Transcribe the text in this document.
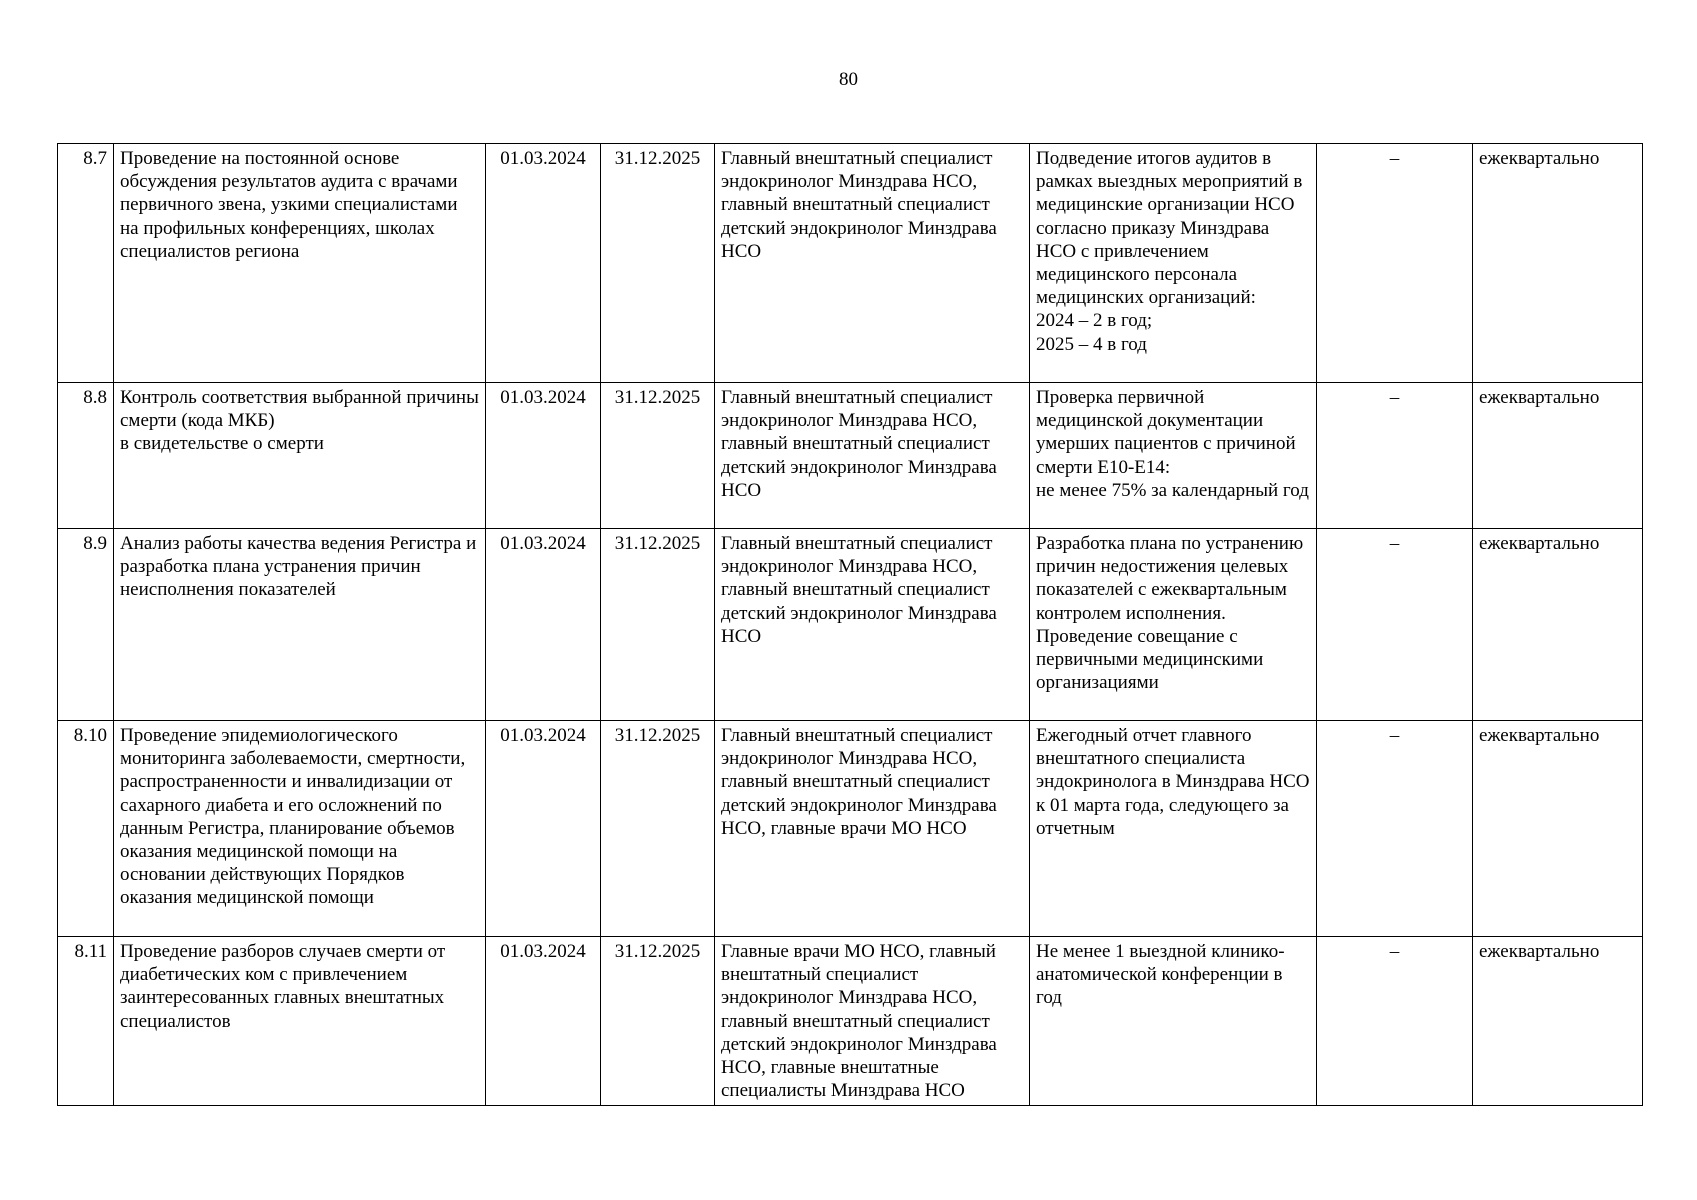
80
8.7	Проведение на постоянной основе обсуждения результатов аудита с врачами первичного звена, узкими специалистами на профильных конференциях, школах специалистов региона	01.03.2024	31.12.2025	Главный внештатный специалист эндокринолог Минздрава НСО, главный внештатный специалист детский эндокринолог Минздрава НСО	Подведение итогов аудитов в рамках выездных мероприятий в медицинские организации НСО согласно приказу Минздрава НСО с привлечением медицинского персонала медицинских организаций:
2024 – 2 в год;
2025 – 4 в год	–	ежеквартально
8.8	Контроль соответствия выбранной причины смерти (кода МКБ)
в свидетельстве о смерти	01.03.2024	31.12.2025	Главный внештатный специалист эндокринолог Минздрава НСО, главный внештатный специалист детский эндокринолог Минздрава НСО	Проверка первичной медицинской документации умерших пациентов с причиной смерти Е10-Е14:
не менее 75% за календарный год	–	ежеквартально
8.9	Анализ работы качества ведения Регистра и разработка плана устранения причин неисполнения показателей	01.03.2024	31.12.2025	Главный внештатный специалист эндокринолог Минздрава НСО, главный внештатный специалист детский эндокринолог Минздрава НСО	Разработка плана по устранению причин недостижения целевых показателей с ежеквартальным контролем исполнения.
Проведение совещание с первичными медицинскими организациями	–	ежеквартально
8.10	Проведение эпидемиологического мониторинга заболеваемости, смертности, распространенности и инвалидизации от сахарного диабета и его осложнений по данным Регистра, планирование объемов оказания медицинской помощи на основании действующих Порядков оказания медицинской помощи	01.03.2024	31.12.2025	Главный внештатный специалист эндокринолог Минздрава НСО, главный внештатный специалист детский эндокринолог Минздрава НСО, главные врачи МО НСО	Ежегодный отчет главного внештатного специалиста эндокринолога в Минздрава НСО к 01 марта года, следующего за отчетным	–	ежеквартально
8.11	Проведение разборов случаев смерти от диабетических ком с привлечением заинтересованных главных внештатных специалистов	01.03.2024	31.12.2025	Главные врачи МО НСО, главный внештатный специалист эндокринолог Минздрава НСО, главный внештатный специалист детский эндокринолог Минздрава НСО, главные внештатные специалисты Минздрава НСО	Не менее 1 выездной клинико-анатомической конференции в год	–	ежеквартально
